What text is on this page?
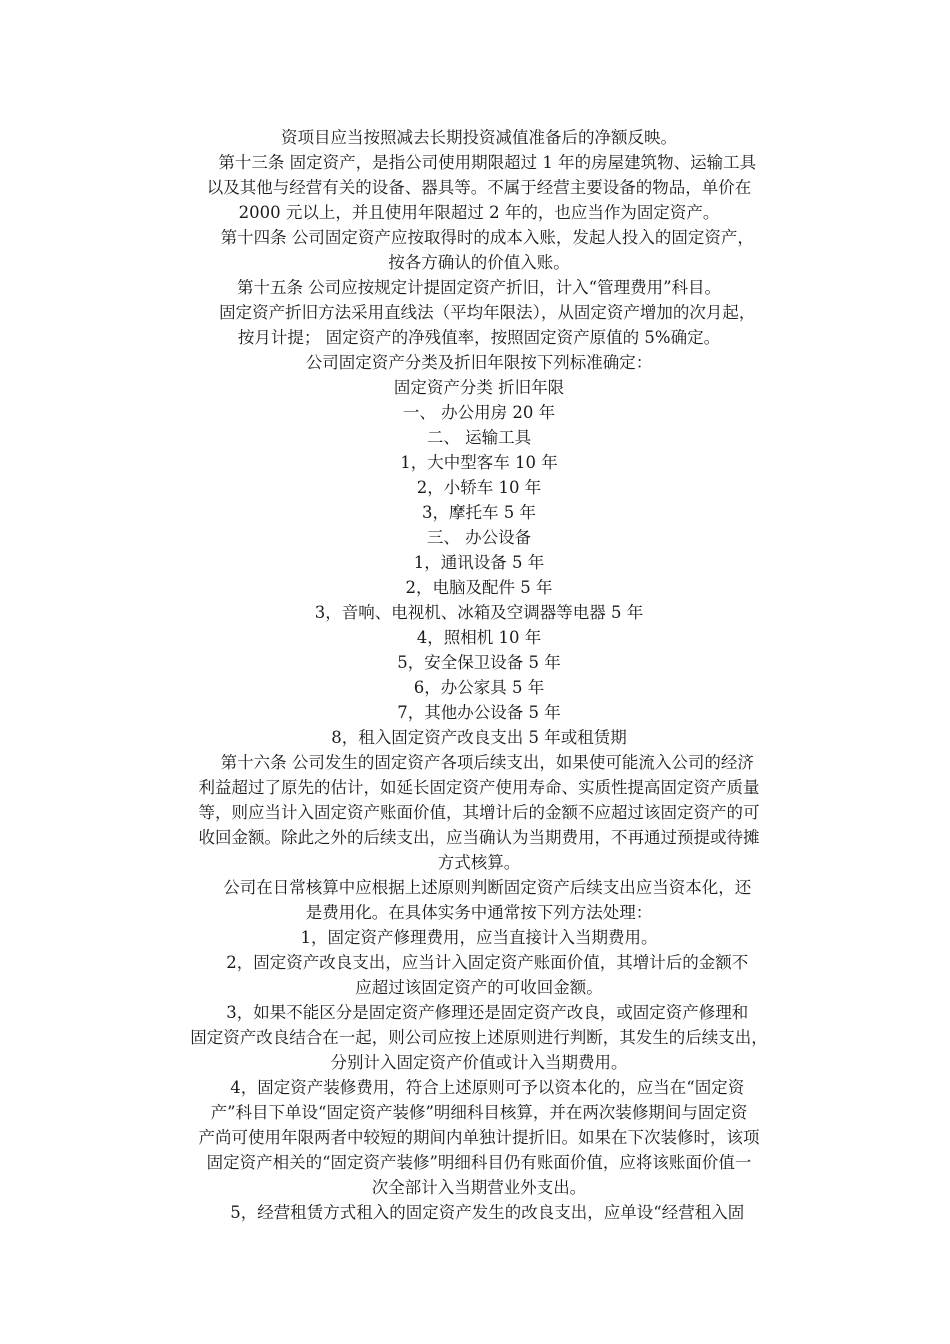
资项目应当按照减去长期投资减值准备后的净额反映。
　第十三条 固定资产，是指公司使用期限超过 1 年的房屋建筑物、运输工具
以及其他与经营有关的设备、器具等。不属于经营主要设备的物品，单价在
2000 元以上，并且使用年限超过 2 年的，也应当作为固定资产。
　第十四条 公司固定资产应按取得时的成本入账，发起人投入的固定资产，
按各方确认的价值入账。
第十五条 公司应按规定计提固定资产折旧，计入“管理费用”科目。
　固定资产折旧方法采用直线法（平均年限法），从固定资产增加的次月起，
按月计提； 固定资产的净残值率，按照固定资产原值的 5%确定。
公司固定资产分类及折旧年限按下列标准确定：
固定资产分类 折旧年限
一、 办公用房 20 年
二、 运输工具
1，大中型客车 10 年
2，小轿车 10 年
3，摩托车 5 年
三、 办公设备
1，通讯设备 5 年
2，电脑及配件 5 年
3，音响、电视机、冰箱及空调器等电器 5 年
4，照相机 10 年
5，安全保卫设备 5 年
6，办公家具 5 年
7，其他办公设备 5 年
8，租入固定资产改良支出 5 年或租赁期
　第十六条 公司发生的固定资产各项后续支出，如果使可能流入公司的经济
利益超过了原先的估计，如延长固定资产使用寿命、实质性提高固定资产质量
等，则应当计入固定资产账面价值，其增计后的金额不应超过该固定资产的可
收回金额。除此之外的后续支出，应当确认为当期费用，不再通过预提或待摊
方式核算。
　公司在日常核算中应根据上述原则判断固定资产后续支出应当资本化，还
是费用化。在具体实务中通常按下列方法处理：
1，固定资产修理费用，应当直接计入当期费用。
　2，固定资产改良支出，应当计入固定资产账面价值，其增计后的金额不
应超过该固定资产的可收回金额。
　3，如果不能区分是固定资产修理还是固定资产改良，或固定资产修理和
固定资产改良结合在一起，则公司应按上述原则进行判断，其发生的后续支出，
分别计入固定资产价值或计入当期费用。
　4，固定资产装修费用，符合上述原则可予以资本化的，应当在“固定资
产”科目下单设“固定资产装修”明细科目核算，并在两次装修期间与固定资
产尚可使用年限两者中较短的期间内单独计提折旧。如果在下次装修时，该项
固定资产相关的“固定资产装修”明细科目仍有账面价值，应将该账面价值一
次全部计入当期营业外支出。
　5，经营租赁方式租入的固定资产发生的改良支出，应单设“经营租入固
